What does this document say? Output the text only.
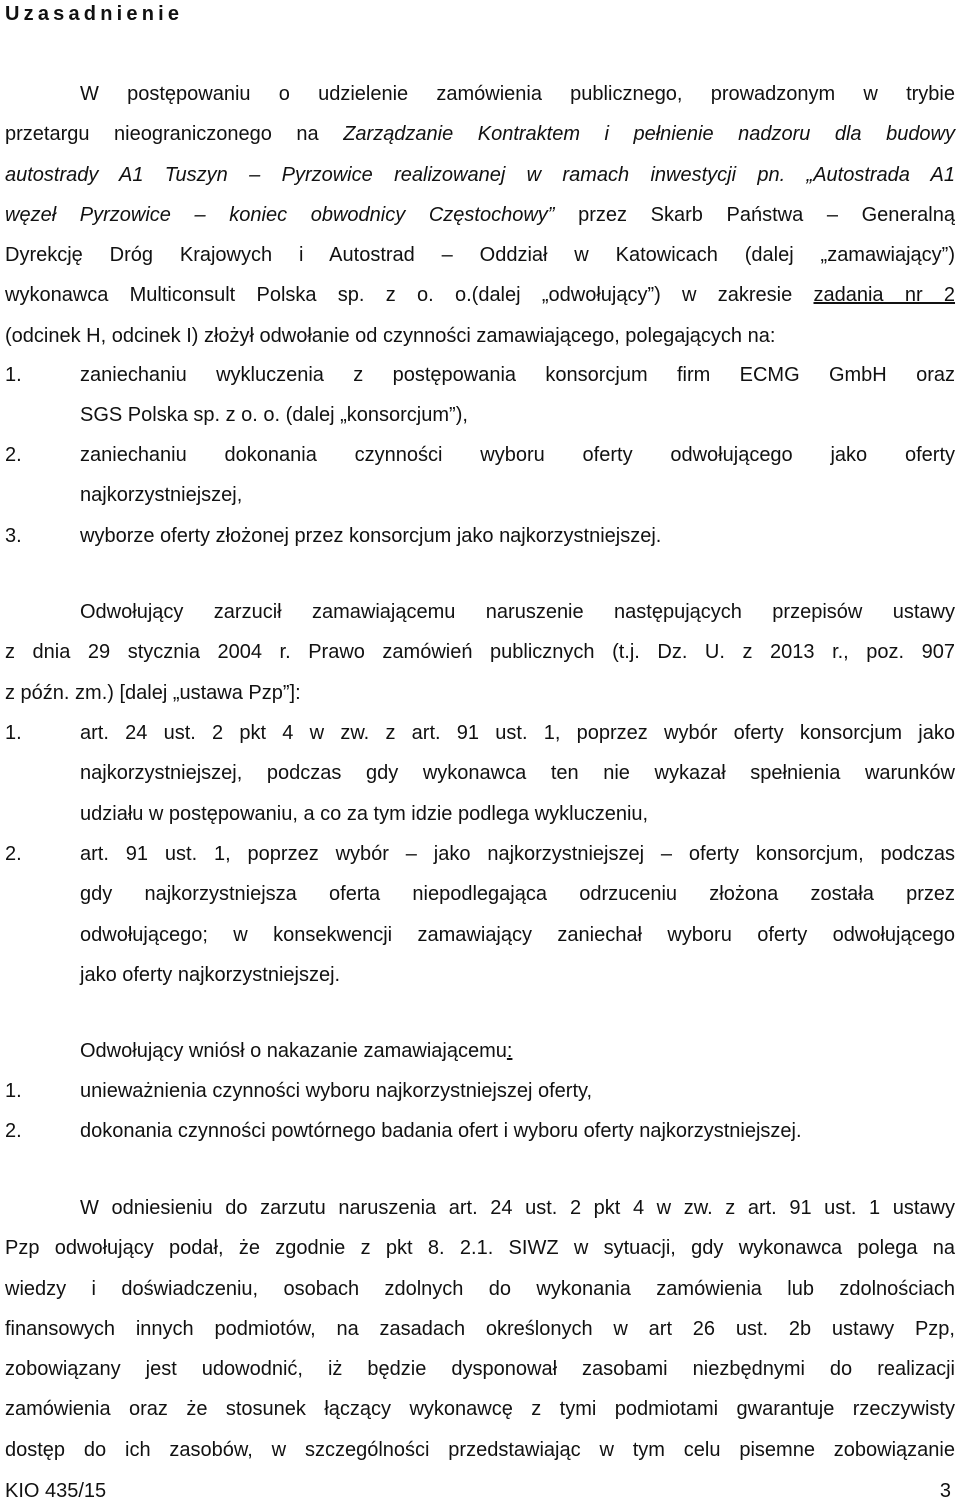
Uzasadnienie
W postępowaniu o udzielenie zamówienia publicznego, prowadzonym w trybie
przetargu nieograniczonego na Zarządzanie Kontraktem i pełnienie nadzoru dla budowy
autostrady A1 Tuszyn – Pyrzowice realizowanej w ramach inwestycji pn. „Autostrada A1
węzeł Pyrzowice – koniec obwodnicy Częstochowy” przez Skarb Państwa – Generalną
Dyrekcję Dróg Krajowych i Autostrad – Oddział w Katowicach (dalej „zamawiający”)
wykonawca Multiconsult Polska sp. z o. o.(dalej „odwołujący”) w zakresie zadania nr 2
(odcinek H, odcinek I) złożył odwołanie od czynności zamawiającego, polegających na:
1.	zaniechaniu wykluczenia z postępowania konsorcjum firm ECMG GmbH oraz
SGS Polska sp. z o. o. (dalej „konsorcjum”),
2.	zaniechaniu dokonania czynności wyboru oferty odwołującego jako oferty
najkorzystniejszej,
3.	wyborze oferty złożonej przez konsorcjum jako najkorzystniejszej.
Odwołujący zarzucił zamawiającemu naruszenie następujących przepisów ustawy
z dnia 29 stycznia 2004 r. Prawo zamówień publicznych (t.j. Dz. U. z 2013 r., poz. 907
z późn. zm.) [dalej „ustawa Pzp”]:
1.	art. 24 ust. 2 pkt 4 w zw. z art. 91 ust. 1, poprzez wybór oferty konsorcjum jako
najkorzystniejszej, podczas gdy wykonawca ten nie wykazał spełnienia warunków
udziału w postępowaniu, a co za tym idzie podlega wykluczeniu,
2.	art. 91 ust. 1, poprzez wybór – jako najkorzystniejszej – oferty konsorcjum, podczas
gdy najkorzystniejsza oferta niepodlegająca odrzuceniu złożona została przez
odwołującego; w konsekwencji zamawiający zaniechał wyboru oferty odwołującego
jako oferty najkorzystniejszej.
Odwołujący wniósł o nakazanie zamawiającemu:
1.	unieważnienia czynności wyboru najkorzystniejszej oferty,
2.	dokonania czynności powtórnego badania ofert i wyboru oferty najkorzystniejszej.
W odniesieniu do zarzutu naruszenia art. 24 ust. 2 pkt 4 w zw. z art. 91 ust. 1 ustawy
Pzp odwołujący podał, że zgodnie z pkt 8. 2.1. SIWZ w sytuacji, gdy wykonawca polega na
wiedzy i doświadczeniu, osobach zdolnych do wykonania zamówienia lub zdolnościach
finansowych innych podmiotów, na zasadach określonych w art 26 ust. 2b ustawy Pzp,
zobowiązany jest udowodnić, iż będzie dysponował zasobami niezbędnymi do realizacji
zamówienia oraz że stosunek łączący wykonawcę z tymi podmiotami gwarantuje rzeczywisty
dostęp do ich zasobów, w szczególności przedstawiając w tym celu pisemne zobowiązanie
KIO 435/15	3
